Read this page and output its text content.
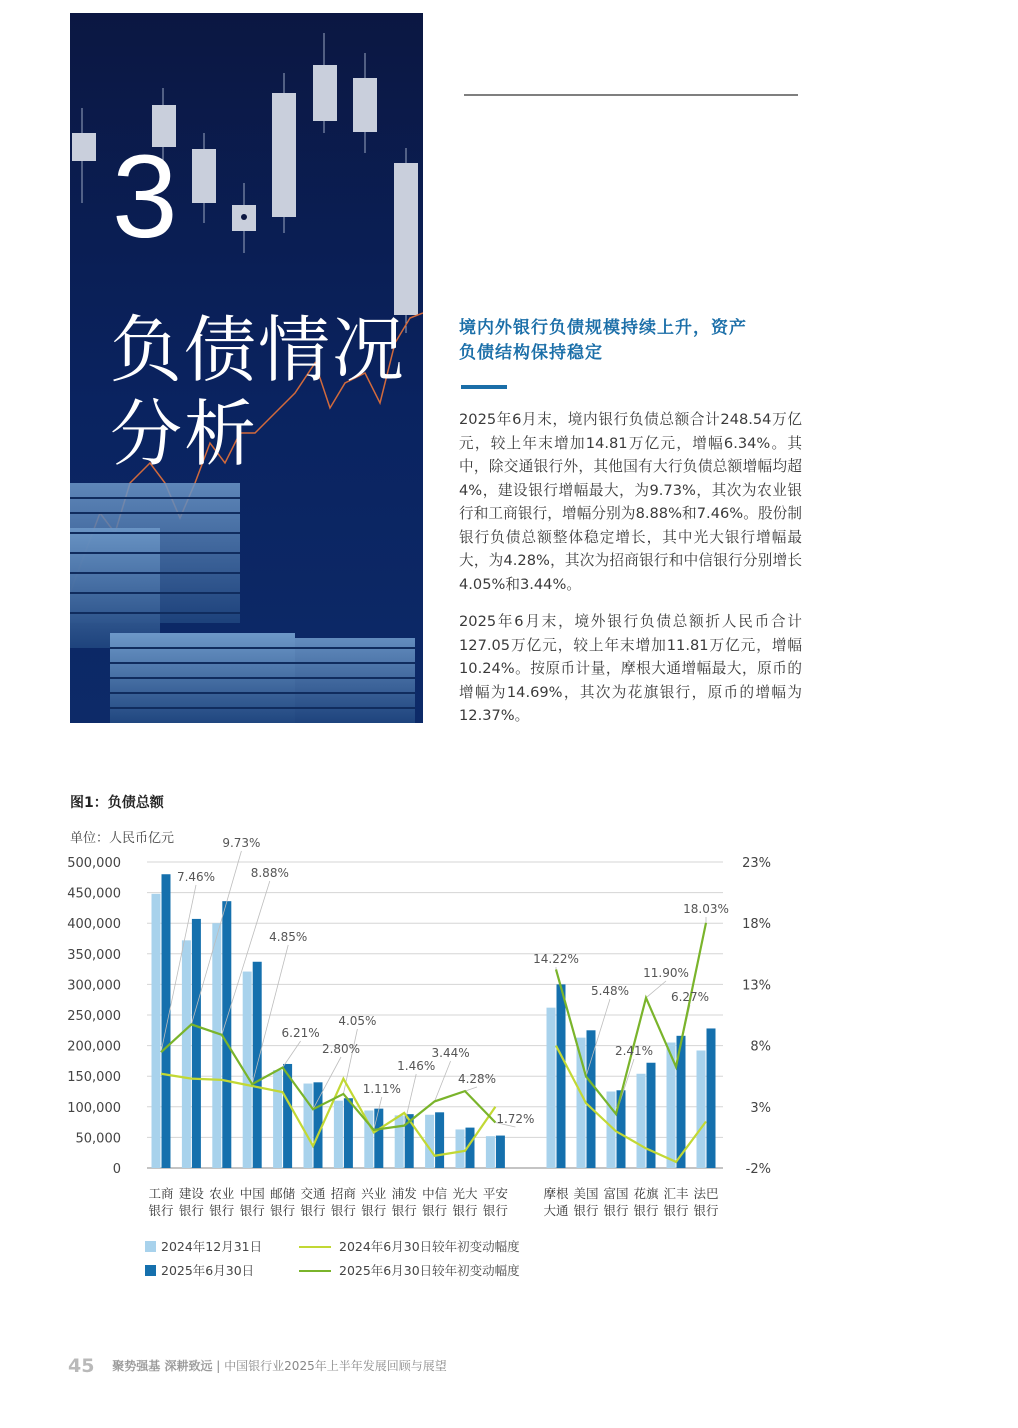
3
负债情况
分析
境内外银行负债规模持续上升，资产
负债结构保持稳定
2025年6月末，境内银行负债总额合计248.54万亿元，较上年末增加14.81万亿元，增幅6.34%。其中，除交通银行外，其他国有大行负债总额增幅均超4%，建设银行增幅最大，为9.73%，其次为农业银行和工商银行，增幅分别为8.88%和7.46%。股份制银行负债总额整体稳定增长，其中光大银行增幅最大，为4.28%，其次为招商银行和中信银行分别增长4.05%和3.44%。
2025年6月末，境外银行负债总额折人民币合计127.05万亿元，较上年末增加11.81万亿元，增幅10.24%。按原币计量，摩根大通增幅最大，原币的增幅为14.69%，其次为花旗银行，原币的增幅为12.37%。
图1：负债总额
单位：人民币亿元
500,000
450,000
400,000
350,000
300,000
250,000
200,000
150,000
100,000
50,000
0
23%
18%
13%
8%
3%
-2%
7.46%
9.73%
8.88%
4.85%
6.21%
2.80%
4.05%
1.11%
1.46%
3.44%
4.28%
1.72%
14.22%
5.48%
2.41%
11.90%
6.27%
18.03%
工商
银行
建设
银行
农业
银行
中国
银行
邮储
银行
交通
银行
招商
银行
兴业
银行
浦发
银行
中信
银行
光大
银行
平安
银行
摩根
大通
美国
银行
富国
银行
花旗
银行
汇丰
银行
法巴
银行
2024年12月31日
2025年6月30日
2024年6月30日较年初变动幅度
2025年6月30日较年初变动幅度
45 聚势强基 深耕致远 | 中国银行业2025年上半年发展回顾与展望
